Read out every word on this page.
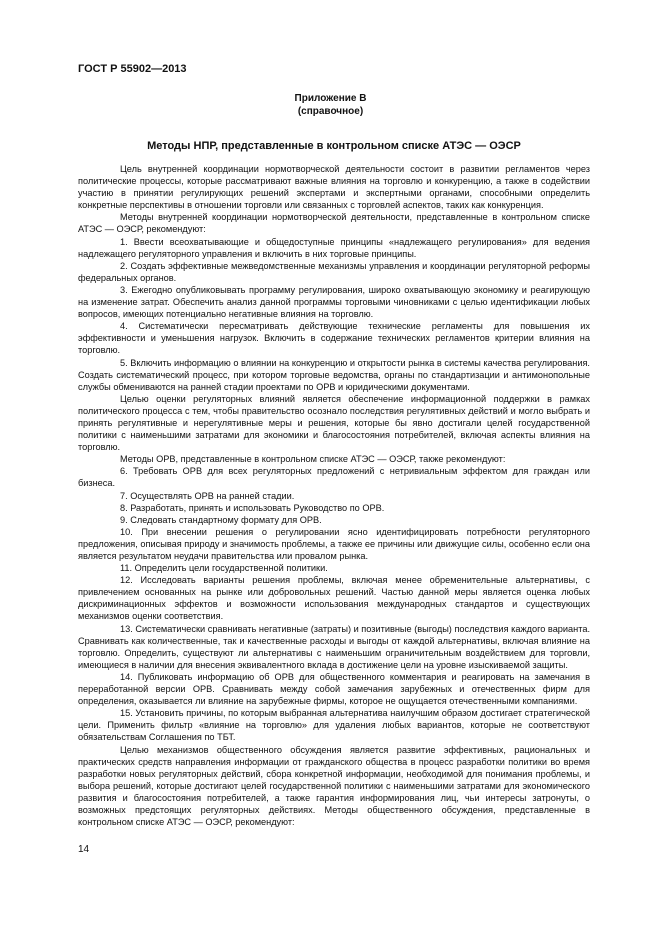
ГОСТ Р 55902—2013
Приложение В
(справочное)
Методы НПР, представленные в контрольном списке АТЭС — ОЭСР

Цель внутренней координации нормотворческой деятельности состоит в развитии регламентов через политические процессы, которые рассматривают важные влияния на торговлю и конкуренцию, а также в содействии участию в принятии регулирующих решений экспертами и экспертными органами, способными определить конкретные перспективы в отношении торговли или связанных с торговлей аспектов, таких как конкуренция.

Методы внутренней координации нормотворческой деятельности, представленные в контрольном списке АТЭС — ОЭСР, рекомендуют:

1. Ввести всеохватывающие и общедоступные принципы «надлежащего регулирования» для ведения надлежащего регуляторного управления и включить в них торговые принципы.

2. Создать эффективные межведомственные механизмы управления и координации регуляторной реформы федеральных органов.

3. Ежегодно опубликовывать программу регулирования, широко охватывающую экономику и реагирующую на изменение затрат. Обеспечить анализ данной программы торговыми чиновниками с целью идентификации любых вопросов, имеющих потенциально негативные влияния на торговлю.

4. Систематически пересматривать действующие технические регламенты для повышения их эффективности и уменьшения нагрузок. Включить в содержание технических регламентов критерии влияния на торговлю.

5. Включить информацию о влиянии на конкуренцию и открытости рынка в системы качества регулирования. Создать систематический процесс, при котором торговые ведомства, органы по стандартизации и антимонопольные службы обмениваются на ранней стадии проектами по ОРВ и юридическими документами.

Целью оценки регуляторных влияний является обеспечение информационной поддержки в рамках политического процесса с тем, чтобы правительство осознало последствия регулятивных действий и могло выбрать и принять регулятивные и нерегулятивные меры и решения, которые бы явно достигали целей государственной политики с наименьшими затратами для экономики и благосостояния потребителей, включая аспекты влияния на торговлю.

Методы ОРВ, представленные в контрольном списке АТЭС — ОЭСР, также рекомендуют:

6. Требовать ОРВ для всех регуляторных предложений с нетривиальным эффектом для граждан или бизнеса.

7. Осуществлять ОРВ на ранней стадии.

8. Разработать, принять и использовать Руководство по ОРВ.

9. Следовать стандартному формату для ОРВ.

10. При внесении решения о регулировании ясно идентифицировать потребности регуляторного предложения, описывая природу и значимость проблемы, а также ее причины или движущие силы, особенно если она является результатом неудачи правительства или провалом рынка.

11. Определить цели государственной политики.

12. Исследовать варианты решения проблемы, включая менее обременительные альтернативы, с привлечением основанных на рынке или добровольных решений. Частью данной меры является оценка любых дискриминационных эффектов и возможности использования международных стандартов и существующих механизмов оценки соответствия.

13. Систематически сравнивать негативные (затраты) и позитивные (выгоды) последствия каждого варианта. Сравнивать как количественные, так и качественные расходы и выгоды от каждой альтернативы, включая влияние на торговлю. Определить, существуют ли альтернативы с наименьшим ограничительным воздействием для торговли, имеющиеся в наличии для внесения эквивалентного вклада в достижение цели на уровне изыскиваемой защиты.

14. Публиковать информацию об ОРВ для общественного комментария и реагировать на замечания в переработанной версии ОРВ. Сравнивать между собой замечания зарубежных и отечественных фирм для определения, оказывается ли влияние на зарубежные фирмы, которое не ощущается отечественными компаниями.

15. Установить причины, по которым выбранная альтернатива наилучшим образом достигает стратегической цели. Применить фильтр «влияние на торговлю» для удаления любых вариантов, которые не соответствуют обязательствам Соглашения по ТБТ.

Целью механизмов общественного обсуждения является развитие эффективных, рациональных и практических средств направления информации от гражданского общества в процесс разработки политики во время разработки новых регуляторных действий, сбора конкретной информации, необходимой для понимания проблемы, и выбора решений, которые достигают целей государственной политики с наименьшими затратами для экономического развития и благосостояния потребителей, а также гарантия информирования лиц, чьи интересы затронуты, о возможных предстоящих регуляторных действиях. Методы общественного обсуждения, представленные в контрольном списке АТЭС — ОЭСР, рекомендуют:

14
